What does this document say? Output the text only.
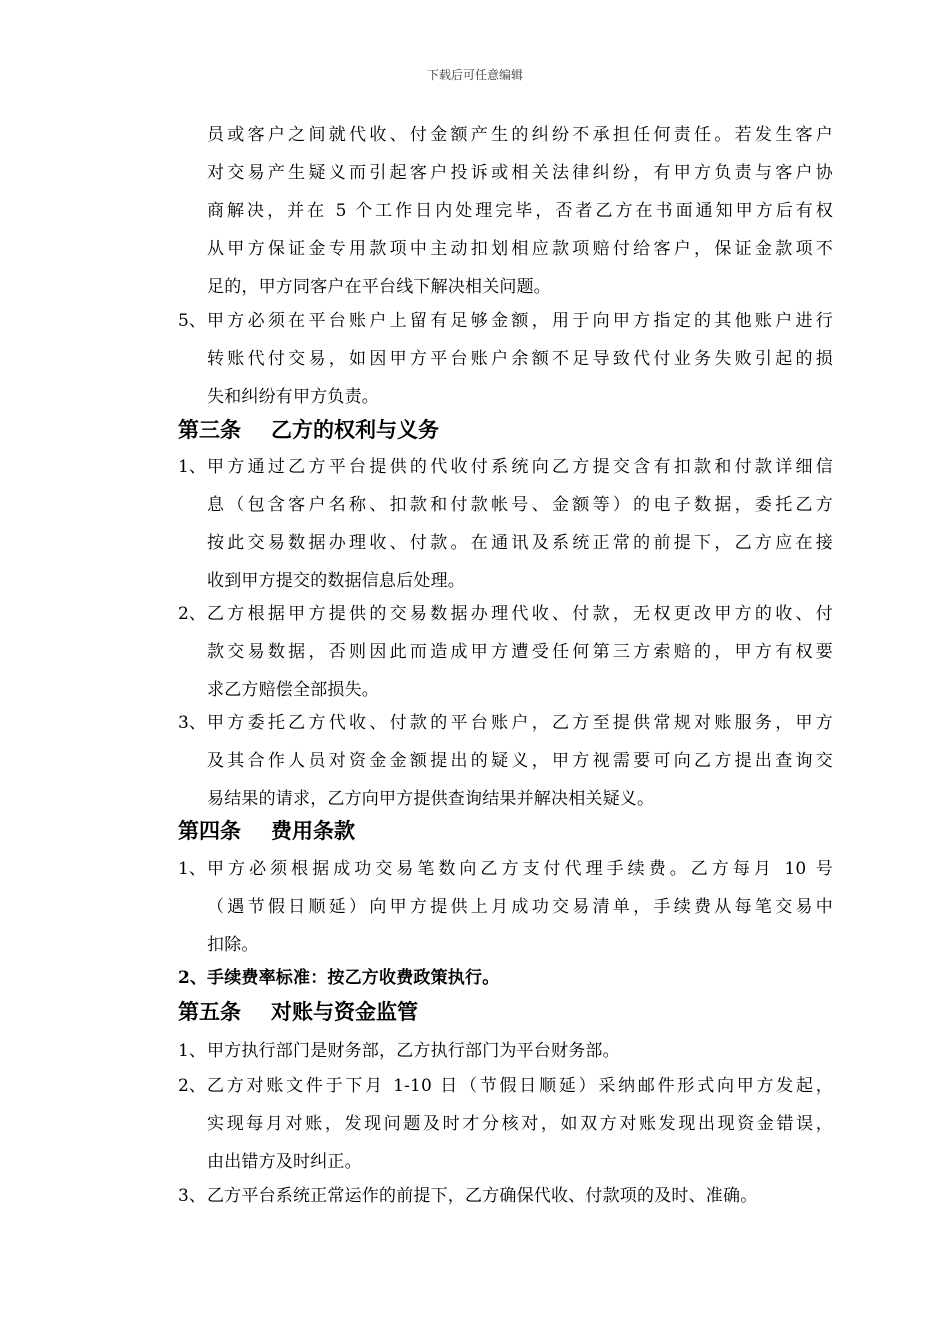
下载后可任意编辑
员或客户之间就代收、付金额产生的纠纷不承担任何责任。若发生客户
对交易产生疑义而引起客户投诉或相关法律纠纷，有甲方负责与客户协
商解决，并在 5 个工作日内处理完毕，否者乙方在书面通知甲方后有权
从甲方保证金专用款项中主动扣划相应款项赔付给客户，保证金款项不
足的，甲方同客户在平台线下解决相关问题。
5、 甲方必须在平台账户上留有足够金额，用于向甲方指定的其他账户进行
转账代付交易，如因甲方平台账户余额不足导致代付业务失败引起的损
失和纠纷有甲方负责。
第三条 乙方的权利与义务
1、 甲方通过乙方平台提供的代收付系统向乙方提交含有扣款和付款详细信
息（包含客户名称、扣款和付款帐号、金额等）的电子数据，委托乙方
按此交易数据办理收、付款。在通讯及系统正常的前提下，乙方应在接
收到甲方提交的数据信息后处理。
2、 乙方根据甲方提供的交易数据办理代收、付款，无权更改甲方的收、付
款交易数据，否则因此而造成甲方遭受任何第三方索赔的，甲方有权要
求乙方赔偿全部损失。
3、 甲方委托乙方代收、付款的平台账户，乙方至提供常规对账服务，甲方
及其合作人员对资金金额提出的疑义，甲方视需要可向乙方提出查询交
易结果的请求，乙方向甲方提供查询结果并解决相关疑义。
第四条 费用条款
1、 甲方必须根据成功交易笔数向乙方支付代理手续费。乙方每月 10 号
（遇节假日顺延）向甲方提供上月成功交易清单，手续费从每笔交易中
扣除。
2、 手续费率标准：按乙方收费政策执行。
第五条 对账与资金监管
1、 甲方执行部门是财务部，乙方执行部门为平台财务部。
2、 乙方对账文件于下月 1-10 日（节假日顺延）采纳邮件形式向甲方发起，
实现每月对账，发现问题及时才分核对，如双方对账发现出现资金错误，
由出错方及时纠正。
3、 乙方平台系统正常运作的前提下，乙方确保代收、付款项的及时、准确。
